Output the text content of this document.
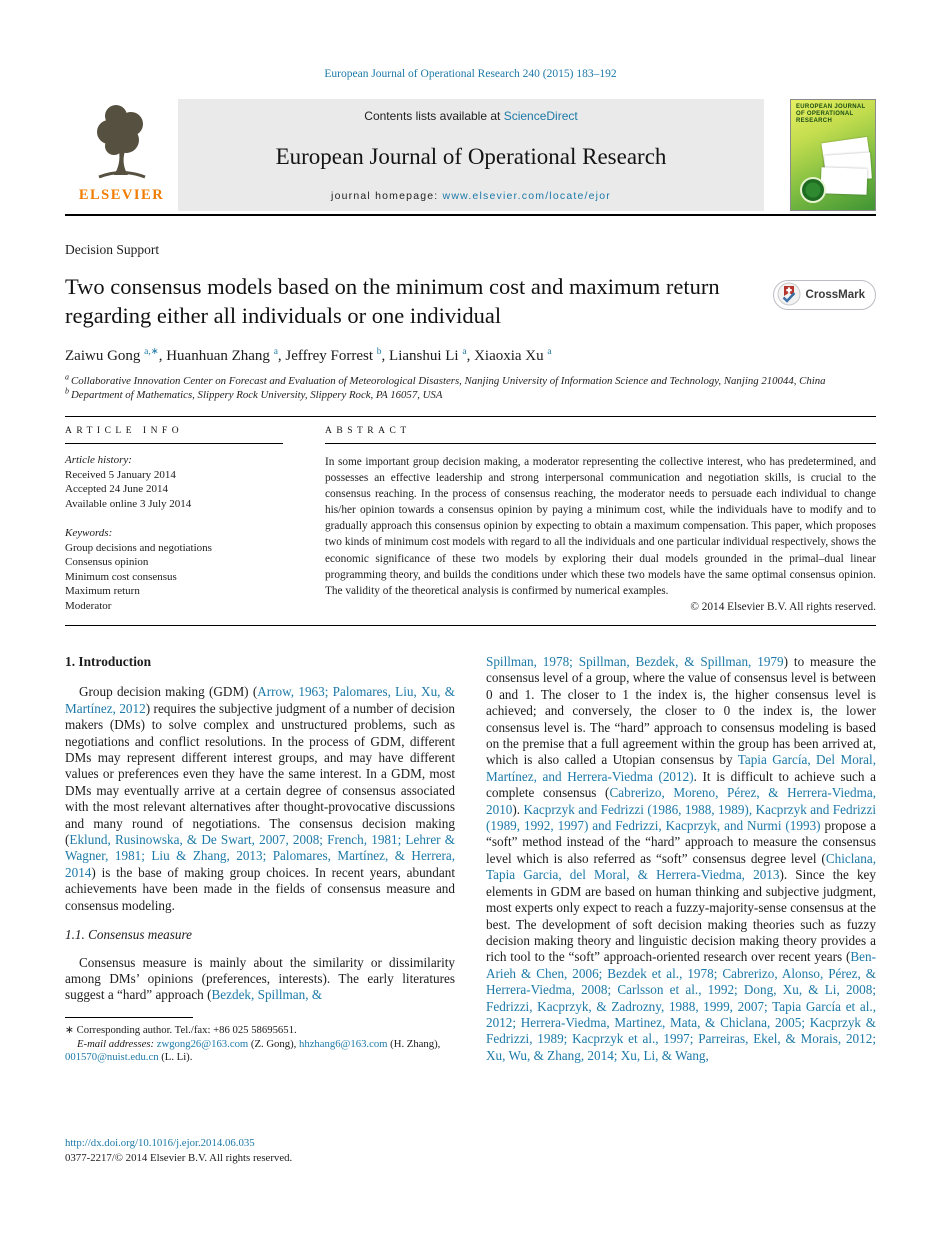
European Journal of Operational Research 240 (2015) 183–192
ELSEVIER
Contents lists available at ScienceDirect
European Journal of Operational Research
journal homepage: www.elsevier.com/locate/ejor
EUROPEAN JOURNAL OF OPERATIONAL RESEARCH
Decision Support
Two consensus models based on the minimum cost and maximum return regarding either all individuals or one individual
CrossMark
Zaiwu Gong $^{a,∗}$, Huanhuan Zhang $^a$, Jeffrey Forrest $^b$, Lianshui Li $^a$, Xiaoxia Xu $^a$
$^a$ Collaborative Innovation Center on Forecast and Evaluation of Meteorological Disasters, Nanjing University of Information Science and Technology, Nanjing 210044, China
$^b$ Department of Mathematics, Slippery Rock University, Slippery Rock, PA 16057, USA
ARTICLE INFO
Article history:
Received 5 January 2014
Accepted 24 June 2014
Available online 3 July 2014
Keywords:
Group decisions and negotiations
Consensus opinion
Minimum cost consensus
Maximum return
Moderator
ABSTRACT

In some important group decision making, a moderator representing the collective interest, who has predetermined, and possesses an effective leadership and strong interpersonal communication and negotiation skills, is crucial to the consensus reaching. In the process of consensus reaching, the moderator needs to persuade each individual to change his/her opinion towards a consensus opinion by paying a minimum cost, while the individuals have to modify and to gradually approach this consensus opinion by expecting to obtain a maximum compensation. This paper, which proposes two kinds of minimum cost models with regard to all the individuals and one particular individual respectively, shows the economic significance of these two models by exploring their dual models grounded in the primal–dual linear programming theory, and builds the conditions under which these two models have the same optimal consensus opinion. The validity of the theoretical analysis is confirmed by numerical examples.

© 2014 Elsevier B.V. All rights reserved.
1. Introduction

Group decision making (GDM) (Arrow, 1963; Palomares, Liu, Xu, & Martínez, 2012) requires the subjective judgment of a number of decision makers (DMs) to solve complex and unstructured problems, such as negotiations and conflict resolutions. In the process of GDM, different DMs may represent different interest groups, and may have different values or preferences even they have the same interest. In a GDM, most DMs may eventually arrive at a certain degree of consensus associated with the most relevant alternatives after thought-provocative discussions and many round of negotiations. The consensus decision making (Eklund, Rusinowska, & De Swart, 2007, 2008; French, 1981; Lehrer & Wagner, 1981; Liu & Zhang, 2013; Palomares, Martínez, & Herrera, 2014) is the base of making group choices. In recent years, abundant achievements have been made in the fields of consensus measure and consensus modeling.

1.1. Consensus measure

Consensus measure is mainly about the similarity or dissimilarity among DMs’ opinions (preferences, interests). The early literatures suggest a “hard” approach (Bezdek, Spillman, &

∗ Corresponding author. Tel./fax: +86 025 58695651.

E-mail addresses: zwgong26@163.com (Z. Gong), hhzhang6@163.com (H. Zhang), 001570@nuist.edu.cn (L. Li).

Spillman, 1978; Spillman, Bezdek, & Spillman, 1979) to measure the consensus level of a group, where the value of consensus level is between 0 and 1. The closer to 1 the index is, the higher consensus level is achieved; and conversely, the closer to 0 the index is, the lower consensus level is. The “hard” approach to consensus modeling is based on the premise that a full agreement within the group has been arrived at, which is also called a Utopian consensus by Tapia García, Del Moral, Martínez, and Herrera-Viedma (2012). It is difficult to achieve such a complete consensus (Cabrerizo, Moreno, Pérez, & Herrera-Viedma, 2010). Kacprzyk and Fedrizzi (1986, 1988, 1989), Kacprzyk and Fedrizzi (1989, 1992, 1997) and Fedrizzi, Kacprzyk, and Nurmi (1993) propose a “soft” method instead of the “hard” approach to measure the consensus level which is also referred as “soft” consensus degree level (Chiclana, Tapia Garcia, del Moral, & Herrera-Viedma, 2013). Since the key elements in GDM are based on human thinking and subjective judgment, most experts only expect to reach a fuzzy-majority-sense consensus at the best. The development of soft decision making theories such as fuzzy decision making theory and linguistic decision making theory provides a rich tool to the “soft” approach-oriented research over recent years (Ben-Arieh & Chen, 2006; Bezdek et al., 1978; Cabrerizo, Alonso, Pérez, & Herrera-Viedma, 2008; Carlsson et al., 1992; Dong, Xu, & Li, 2008; Fedrizzi, Kacprzyk, & Zadrozny, 1988, 1999, 2007; Tapia García et al., 2012; Herrera-Viedma, Martinez, Mata, & Chiclana, 2005; Kacprzyk & Fedrizzi, 1989; Kacprzyk et al., 1997; Parreiras, Ekel, & Morais, 2012; Xu, Wu, & Zhang, 2014; Xu, Li, & Wang,

http://dx.doi.org/10.1016/j.ejor.2014.06.035
0377-2217/© 2014 Elsevier B.V. All rights reserved.
